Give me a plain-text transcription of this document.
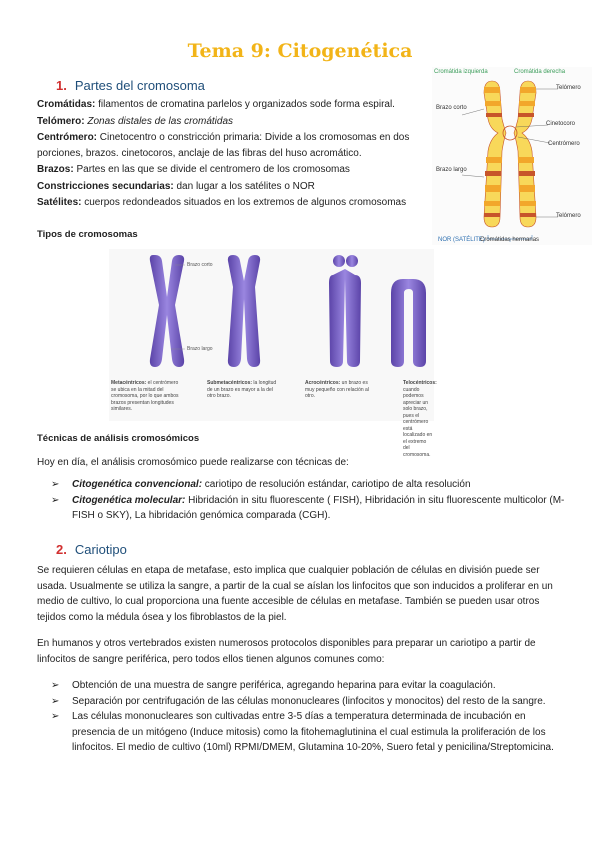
Tema 9: Citogenética
1. Partes del cromosoma

Cromátidas: filamentos de cromatina parlelos y organizados sode forma espiral.

Telómero: Zonas distales de las cromátidas

Centrómero: Cinetocentro o constricción primaria: Divide a los cromosomas en dos porciones, brazos. cinetocoros, anclaje de las fibras del huso acromático.

Brazos: Partes en las que se divide el centromero de los cromosomas

Constricciones secundarias: dan lugar a los satélites o NOR

Satélites: cuerpos redondeados situados en los extremos de algunos cromosomas

Cromátida izquierda	Cromátida derecha
Telómero
Brazo corto
Cinetocoro
Centrómero
Brazo largo
Telómero
NOR (SATÉLITE)
Cromátidas hermanas
Tipos de cromosomas
Brazo corto
Brazo largo
Metacéntricos: el centrómero se ubica en la mitad del cromosoma, por lo que ambos brazos presentan longitudes similares.
Submetacéntricos: la longitud de un brazo es mayor a la del otro brazo.
Acrocéntricos: un brazo es muy pequeño con relación al otro.
Telocéntricos: cuando podemos apreciar un solo brazo, pues el centrómero está localizado en el extremo del cromosoma.
Técnicas de análisis cromosómicos
Hoy en día, el análisis cromosómico puede realizarse con técnicas de:
➢ Citogenética convencional: cariotipo de resolución estándar, cariotipo de alta resolución
➢ Citogenética molecular: Hibridación in situ fluorescente ( FISH), Hibridación in situ fluorescente multicolor (M-FISH o SKY), La hibridación genómica comparada (CGH).
2. Cariotipo
Se requieren células en etapa de metafase, esto implica que cualquier población de células en división puede ser usada. Usualmente se utiliza la sangre, a partir de la cual se aíslan los linfocitos que son inducidos a proliferar en un medio de cultivo, lo cual proporciona una fuente accesible de células en metafase. También se pueden usar otros tejidos como la médula ósea y los fibroblastos de la piel.
En humanos y otros vertebrados existen numerosos protocolos disponibles para preparar un cariotipo a partir de linfocitos de sangre periférica, pero todos ellos tienen algunos comunes como:
➢ Obtención de una muestra de sangre periférica, agregando heparina para evitar la coagulación.
➢ Separación por centrifugación de las células mononucleares (linfocitos y monocitos) del resto de la sangre.
➢ Las células mononucleares son cultivadas entre 3-5 días a temperatura determinada de incubación en presencia de un mitógeno (Induce mitosis) como la fitohemaglutinina el cual estimula la proliferación de los linfocitos. El medio de cultivo (10ml) RPMI/DMEM, Glutamina 10-20%, Suero fetal y penicilina/Streptomicina.
